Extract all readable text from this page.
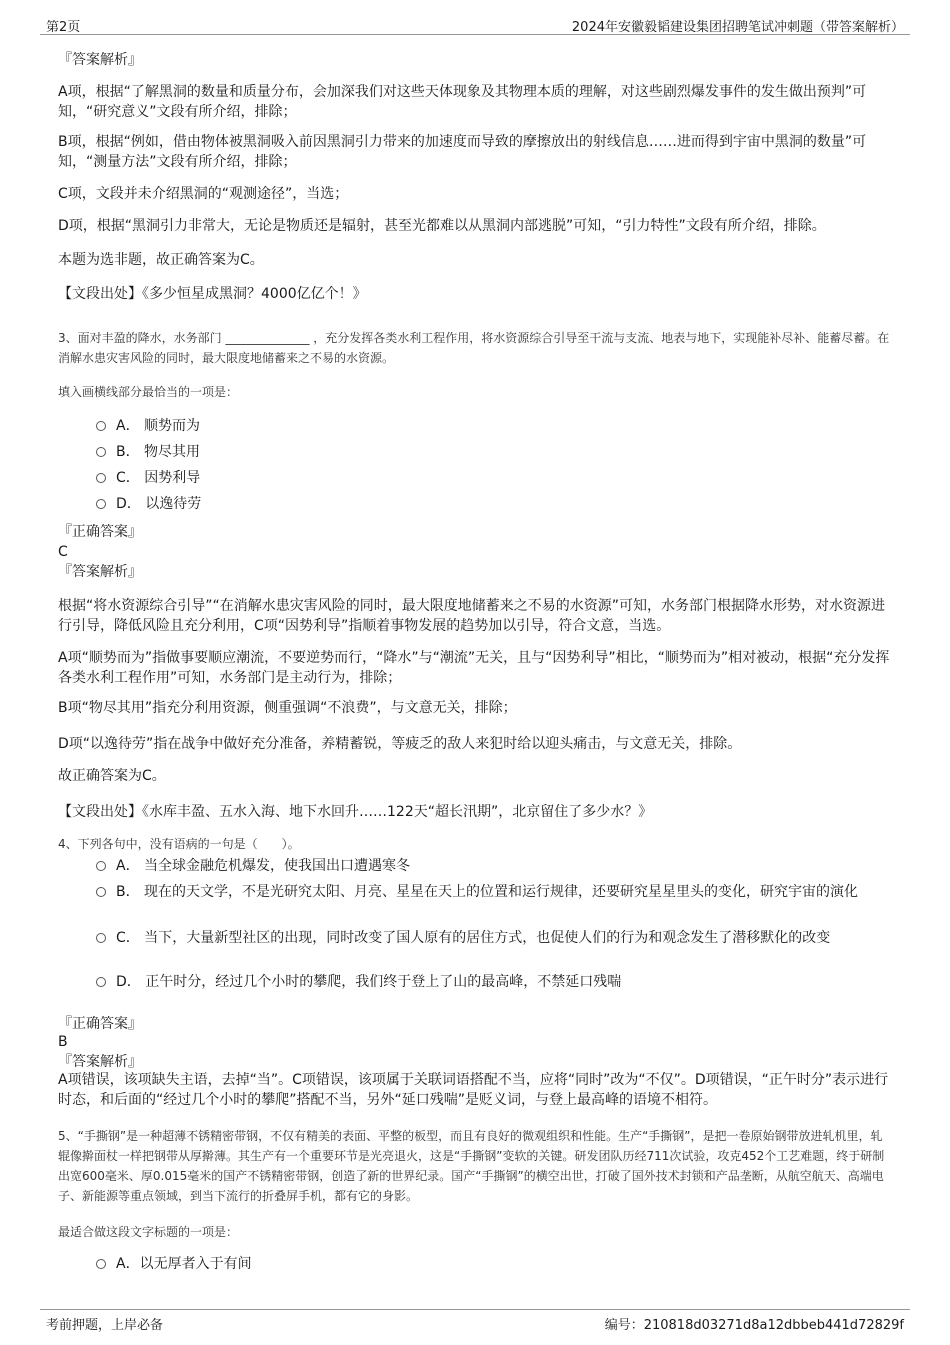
第2页	2024年安徽毅韬建设集团招聘笔试冲刺题（带答案解析）

『答案解析』

A项，根据“了解黑洞的数量和质量分布，会加深我们对这些天体现象及其物理本质的理解，对这些剧烈爆发事件的发生做出预判”可知，“研究意义”文段有所介绍，排除；

B项，根据“例如，借由物体被黑洞吸入前因黑洞引力带来的加速度而导致的摩擦放出的射线信息……进而得到宇宙中黑洞的数量”可知，“测量方法”文段有所介绍，排除；

C项，文段并未介绍黑洞的“观测途径”，当选；

D项，根据“黑洞引力非常大，无论是物质还是辐射，甚至光都难以从黑洞内部逃脱”可知，“引力特性”文段有所介绍，排除。

本题为选非题，故正确答案为C。

【文段出处】《多少恒星成黑洞？4000亿亿个！》

3、面对丰盈的降水，水务部门 ______________ ，充分发挥各类水利工程作用，将水资源综合引导至干流与支流、地表与地下，实现能补尽补、能蓄尽蓄。在消解水患灾害风险的同时，最大限度地储蓄来之不易的水资源。

填入画横线部分最恰当的一项是：

A． 顺势而为
B． 物尽其用
C． 因势利导
D． 以逸待劳

『正确答案』

C

『答案解析』

根据“将水资源综合引导”“在消解水患灾害风险的同时，最大限度地储蓄来之不易的水资源”可知，水务部门根据降水形势，对水资源进行引导，降低风险且充分利用，C项“因势利导”指顺着事物发展的趋势加以引导，符合文意，当选。

A项“顺势而为”指做事要顺应潮流，不要逆势而行，“降水”与“潮流”无关，且与“因势利导”相比，“顺势而为”相对被动，根据“充分发挥各类水利工程作用”可知，水务部门是主动行为，排除；

B项“物尽其用”指充分利用资源，侧重强调“不浪费”，与文意无关，排除；

D项“以逸待劳”指在战争中做好充分准备，养精蓄锐，等疲乏的敌人来犯时给以迎头痛击，与文意无关，排除。

故正确答案为C。

【文段出处】《水库丰盈、五水入海、地下水回升……122天“超长汛期”，北京留住了多少水？》

4、下列各句中，没有语病的一句是（　　）。

A． 当全球金融危机爆发，使我国出口遭遇寒冬
B． 现在的天文学，不是光研究太阳、月亮、星星在天上的位置和运行规律，还要研究星星里头的变化，研究宇宙的演化
C． 当下，大量新型社区的出现，同时改变了国人原有的居住方式，也促使人们的行为和观念发生了潜移默化的改变
D． 正午时分，经过几个小时的攀爬，我们终于登上了山的最高峰，不禁延口残喘

『正确答案』

B

『答案解析』

A项错误，该项缺失主语，去掉“当”。C项错误，该项属于关联词语搭配不当，应将“同时”改为“不仅”。D项错误，“正午时分”表示进行时态，和后面的“经过几个小时的攀爬”搭配不当，另外“延口残喘”是贬义词，与登上最高峰的语境不相符。

5、“手撕钢”是一种超薄不锈精密带钢，不仅有精美的表面、平整的板型，而且有良好的微观组织和性能。生产“手撕钢”，是把一卷原始钢带放进轧机里，轧辊像擀面杖一样把钢带从厚擀薄。其生产有一个重要环节是光亮退火，这是“手撕钢”变软的关键。研发团队历经711次试验，攻克452个工艺难题，终于研制出宽600毫米、厚0.015毫米的国产不锈精密带钢，创造了新的世界纪录。国产“手撕钢”的横空出世，打破了国外技术封锁和产品垄断，从航空航天、高端电子、新能源等重点领域，到当下流行的折叠屏手机，都有它的身影。

最适合做这段文字标题的一项是：

A．以无厚者入于有间
考前押题，上岸必备	编号：210818d03271d8a12dbbeb441d72829f
